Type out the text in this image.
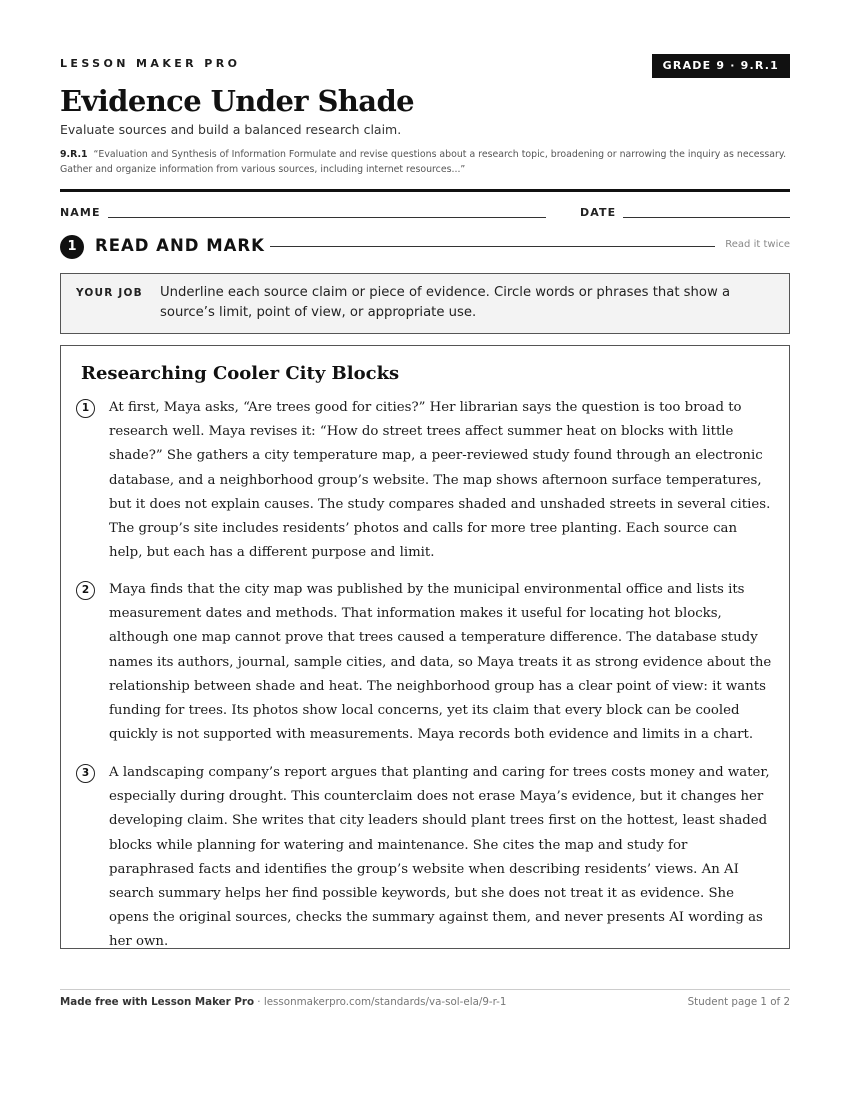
LESSON MAKER PRO	GRADE 9 · 9.R.1
Evidence Under Shade
Evaluate sources and build a balanced research claim.
9.R.1 “Evaluation and Synthesis of Information Formulate and revise questions about a research topic, broadening or narrowing the inquiry as necessary. Gather and organize information from various sources, including internet resources...”
NAME	DATE
1	READ AND MARK	Read it twice
YOUR JOB Underline each source claim or piece of evidence. Circle words or phrases that show a source’s limit, point of view, or appropriate use.
Researching Cooler City Blocks
1	At first, Maya asks, “Are trees good for cities?” Her librarian says the question is too broad to research well. Maya revises it: “How do street trees affect summer heat on blocks with little shade?” She gathers a city temperature map, a peer-reviewed study found through an electronic database, and a neighborhood group’s website. The map shows afternoon surface temperatures, but it does not explain causes. The study compares shaded and unshaded streets in several cities. The group’s site includes residents’ photos and calls for more tree planting. Each source can help, but each has a different purpose and limit.
2	Maya finds that the city map was published by the municipal environmental office and lists its measurement dates and methods. That information makes it useful for locating hot blocks, although one map cannot prove that trees caused a temperature difference. The database study names its authors, journal, sample cities, and data, so Maya treats it as strong evidence about the relationship between shade and heat. The neighborhood group has a clear point of view: it wants funding for trees. Its photos show local concerns, yet its claim that every block can be cooled quickly is not supported with measurements. Maya records both evidence and limits in a chart.
3	A landscaping company’s report argues that planting and caring for trees costs money and water, especially during drought. This counterclaim does not erase Maya’s evidence, but it changes her developing claim. She writes that city leaders should plant trees first on the hottest, least shaded blocks while planning for watering and maintenance. She cites the map and study for paraphrased facts and identifies the group’s website when describing residents’ views. An AI search summary helps her find possible keywords, but she does not treat it as evidence. She opens the original sources, checks the summary against them, and never presents AI wording as her own.
Made free with Lesson Maker Pro · lessonmakerpro.com/standards/va-sol-ela/9-r-1	Student page 1 of 2
